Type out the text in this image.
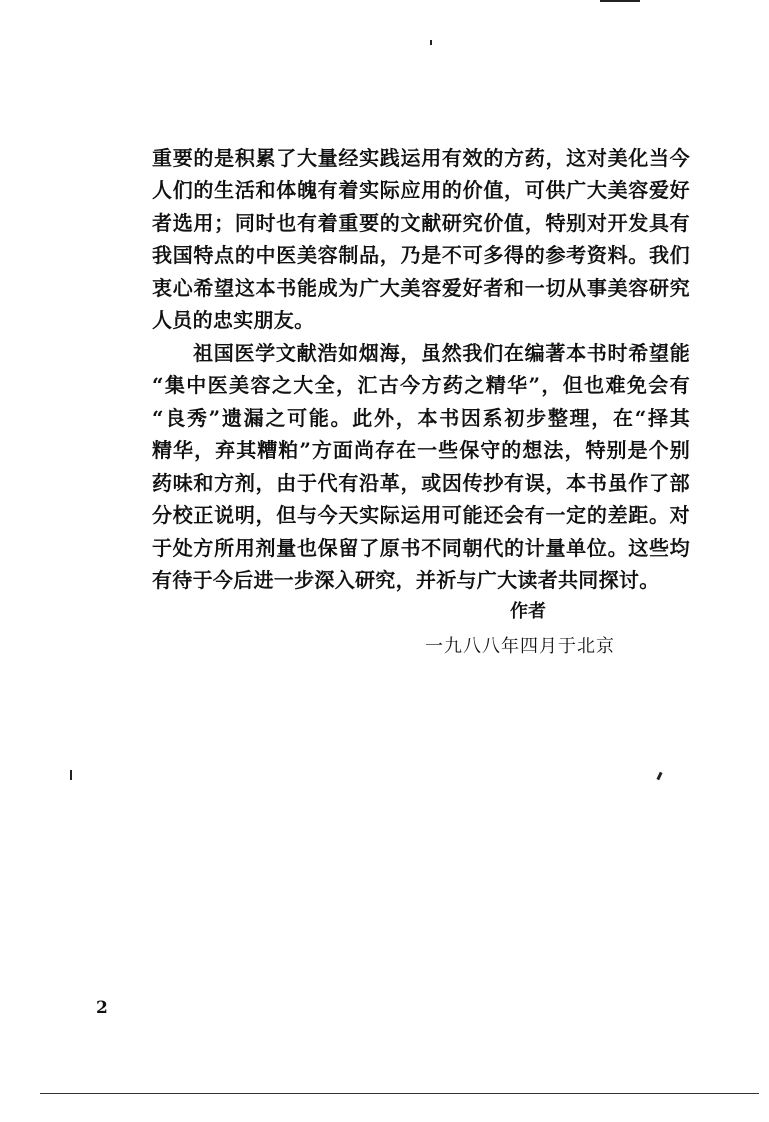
重要的是积累了大量经实践运用有效的方药，这对美化当今
人们的生活和体魄有着实际应用的价值，可供广大美容爱好
者选用；同时也有着重要的文献研究价值，特别对开发具有
我国特点的中医美容制品，乃是不可多得的参考资料。我们
衷心希望这本书能成为广大美容爱好者和一切从事美容研究
人员的忠实朋友。
祖国医学文献浩如烟海，虽然我们在编著本书时希望能
“集中医美容之大全，汇古今方药之精华”，但也难免会有
“良秀”遗漏之可能。此外，本书因系初步整理，在“择其
精华，弃其糟粕”方面尚存在一些保守的想法，特别是个别
药味和方剂，由于代有沿革，或因传抄有误，本书虽作了部
分校正说明，但与今天实际运用可能还会有一定的差距。对
于处方所用剂量也保留了原书不同朝代的计量单位。这些均
有待于今后进一步深入研究，并祈与广大读者共同探讨。
作者
一九八八年四月于北京
2
